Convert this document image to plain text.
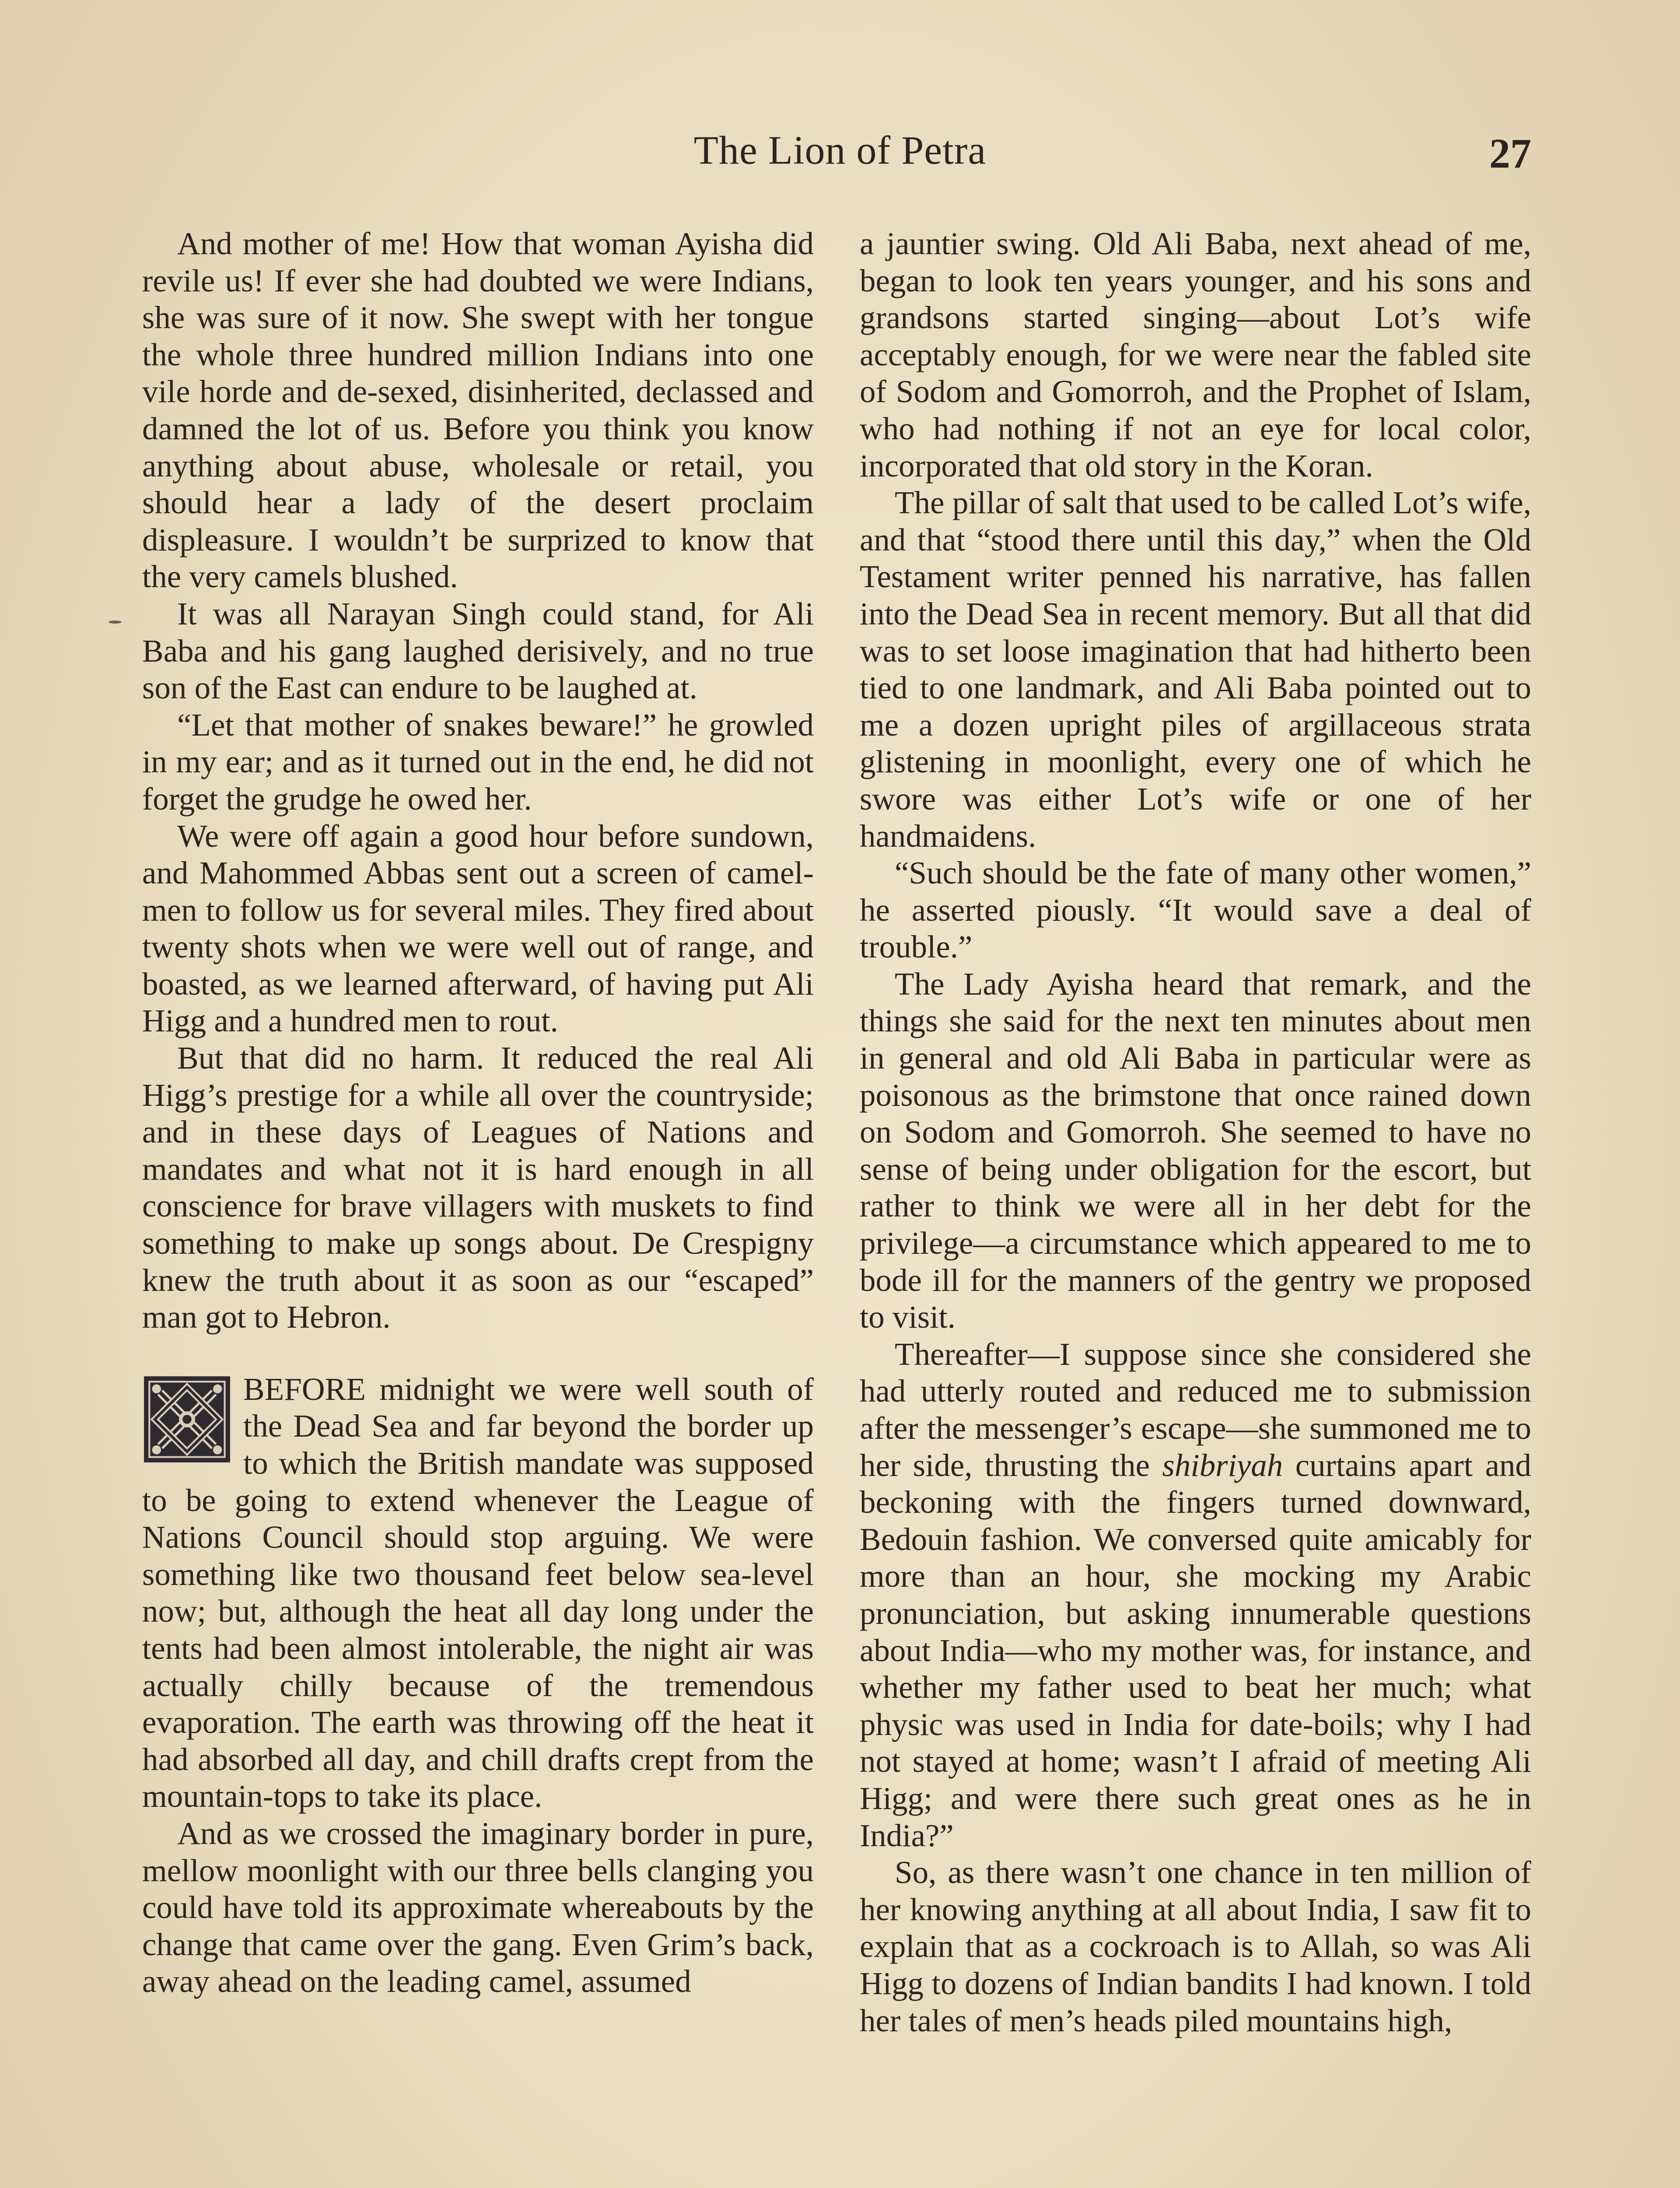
The Lion of Petra	27

And mother of me! How that woman Ayisha did revile us! If ever she had doubted we were Indians, she was sure of it now. She swept with her tongue the whole three hundred million Indians into one vile horde and de-sexed, disinherited, declassed and damned the lot of us. Before you think you know anything about abuse, wholesale or retail, you should hear a lady of the desert proclaim displeasure. I wouldn’t be surprized to know that the very camels blushed.

It was all Narayan Singh could stand, for Ali Baba and his gang laughed derisively, and no true son of the East can endure to be laughed at.

“Let that mother of snakes beware!” he growled in my ear; and as it turned out in the end, he did not forget the grudge he owed her.

We were off again a good hour before sundown, and Mahommed Abbas sent out a screen of camel-men to follow us for several miles. They fired about twenty shots when we were well out of range, and boasted, as we learned afterward, of having put Ali Higg and a hundred men to rout.

But that did no harm. It reduced the real Ali Higg’s prestige for a while all over the countryside; and in these days of Leagues of Nations and mandates and what not it is hard enough in all conscience for brave villagers with muskets to find something to make up songs about. De Crespigny knew the truth about it as soon as our “escaped” man got to Hebron.

BEFORE midnight we were well south of the Dead Sea and far beyond the border up to which the British mandate was supposed to be going to extend whenever the League of Nations Council should stop arguing. We were something like two thousand feet below sea-level now; but, although the heat all day long under the tents had been almost intolerable, the night air was actually chilly because of the tremendous evaporation. The earth was throwing off the heat it had absorbed all day, and chill drafts crept from the mountain-tops to take its place.

And as we crossed the imaginary border in pure, mellow moonlight with our three bells clanging you could have told its approximate whereabouts by the change that came over the gang. Even Grim’s back, away ahead on the leading camel, assumed

a jauntier swing. Old Ali Baba, next ahead of me, began to look ten years younger, and his sons and grandsons started singing—about Lot’s wife acceptably enough, for we were near the fabled site of Sodom and Gomorroh, and the Prophet of Islam, who had nothing if not an eye for local color, incorporated that old story in the Koran.

The pillar of salt that used to be called Lot’s wife, and that “stood there until this day,” when the Old Testament writer penned his narrative, has fallen into the Dead Sea in recent memory. But all that did was to set loose imagination that had hitherto been tied to one landmark, and Ali Baba pointed out to me a dozen upright piles of argillaceous strata glistening in moonlight, every one of which he swore was either Lot’s wife or one of her handmaidens.

“Such should be the fate of many other women,” he asserted piously. “It would save a deal of trouble.”

The Lady Ayisha heard that remark, and the things she said for the next ten minutes about men in general and old Ali Baba in particular were as poisonous as the brimstone that once rained down on Sodom and Gomorroh. She seemed to have no sense of being under obligation for the escort, but rather to think we were all in her debt for the privilege—a circumstance which appeared to me to bode ill for the manners of the gentry we proposed to visit.

Thereafter—I suppose since she considered she had utterly routed and reduced me to submission after the messenger’s escape—she summoned me to her side, thrusting the shibriyah curtains apart and beckoning with the fingers turned downward, Bedouin fashion. We conversed quite amicably for more than an hour, she mocking my Arabic pronunciation, but asking innumerable questions about India—who my mother was, for instance, and whether my father used to beat her much; what physic was used in India for date-boils; why I had not stayed at home; wasn’t I afraid of meeting Ali Higg; and were there such great ones as he in India?”

So, as there wasn’t one chance in ten million of her knowing anything at all about India, I saw fit to explain that as a cockroach is to Allah, so was Ali Higg to dozens of Indian bandits I had known. I told her tales of men’s heads piled mountains high,
